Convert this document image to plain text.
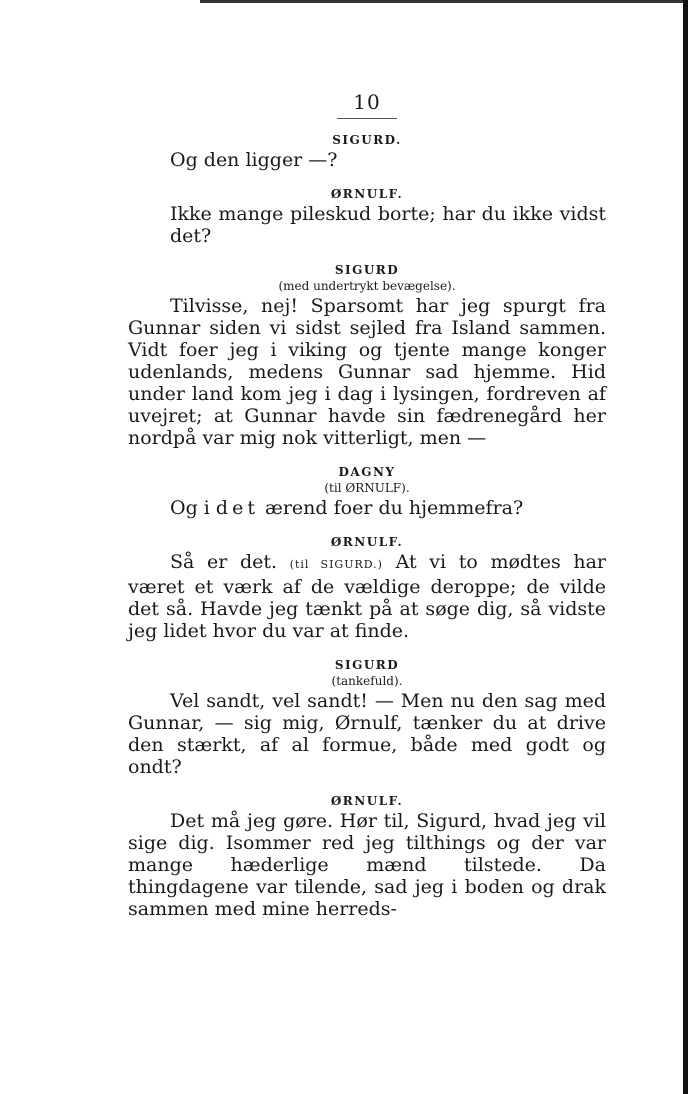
10
SIGURD.

Og den ligger —?

ØRNULF.

Ikke mange pileskud borte; har du ikke vidst det?

SIGURD
(med undertrykt bevægelse).

Tilvisse, nej! Sparsomt har jeg spurgt fra Gunnar siden vi sidst sejled fra Island sammen. Vidt foer jeg i viking og tjente mange konger udenlands, medens Gunnar sad hjemme. Hid under land kom jeg i dag i lysingen, fordreven af uvejret; at Gunnar havde sin fædrenegård her nordpå var mig nok vitterligt, men —

DAGNY
(til ØRNULF).

Og i det ærend foer du hjemmefra?

ØRNULF.

Så er det. (til SIGURD.) At vi to mødtes har været et værk af de vældige deroppe; de vilde det så. Havde jeg tænkt på at søge dig, så vidste jeg lidet hvor du var at finde.

SIGURD
(tankefuld).

Vel sandt, vel sandt! — Men nu den sag med Gunnar, — sig mig, Ørnulf, tænker du at drive den stærkt, af al formue, både med godt og ondt?

ØRNULF.

Det må jeg gøre. Hør til, Sigurd, hvad jeg vil sige dig. Isommer red jeg tilthings og der var mange hæderlige mænd tilstede. Da thingdagene var tilende, sad jeg i boden og drak sammen med mine herreds-
